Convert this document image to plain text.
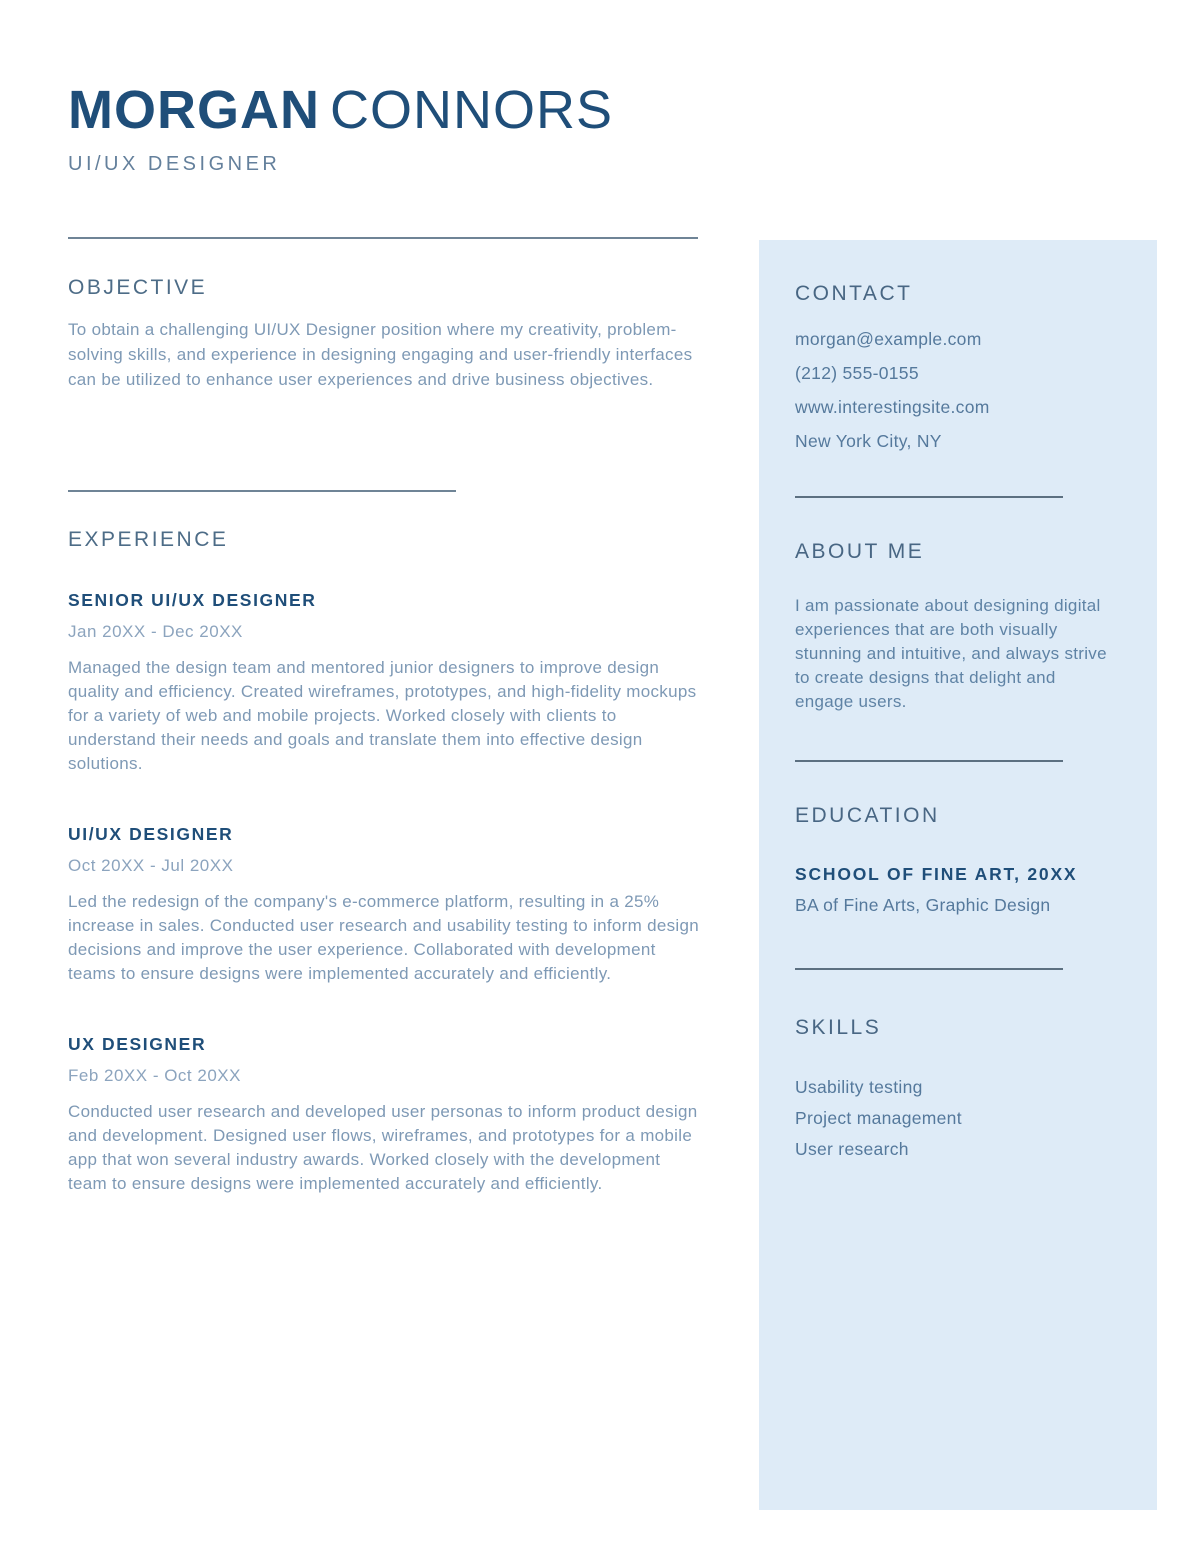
MORGAN CONNORS
UI/UX DESIGNER
OBJECTIVE

To obtain a challenging UI/UX Designer position where my creativity, problem-solving skills, and experience in designing engaging and user-friendly interfaces can be utilized to enhance user experiences and drive business objectives.

EXPERIENCE
SENIOR UI/UX DESIGNER
Jan 20XX - Dec 20XX

Managed the design team and mentored junior designers to improve design quality and efficiency. Created wireframes, prototypes, and high-fidelity mockups for a variety of web and mobile projects. Worked closely with clients to understand their needs and goals and translate them into effective design solutions.

UI/UX DESIGNER
Oct 20XX - Jul 20XX

Led the redesign of the company's e-commerce platform, resulting in a 25% increase in sales. Conducted user research and usability testing to inform design decisions and improve the user experience. Collaborated with development teams to ensure designs were implemented accurately and efficiently.

UX DESIGNER
Feb 20XX - Oct 20XX

Conducted user research and developed user personas to inform product design and development. Designed user flows, wireframes, and prototypes for a mobile app that won several industry awards. Worked closely with the development team to ensure designs were implemented accurately and efficiently.

CONTACT
morgan@example.com
(212) 555-0155
www.interestingsite.com
New York City, NY
ABOUT ME

I am passionate about designing digital experiences that are both visually stunning and intuitive, and always strive to create designs that delight and engage users.

EDUCATION
SCHOOL OF FINE ART, 20XX
BA of Fine Arts, Graphic Design
SKILLS
Usability testing
Project management
User research
